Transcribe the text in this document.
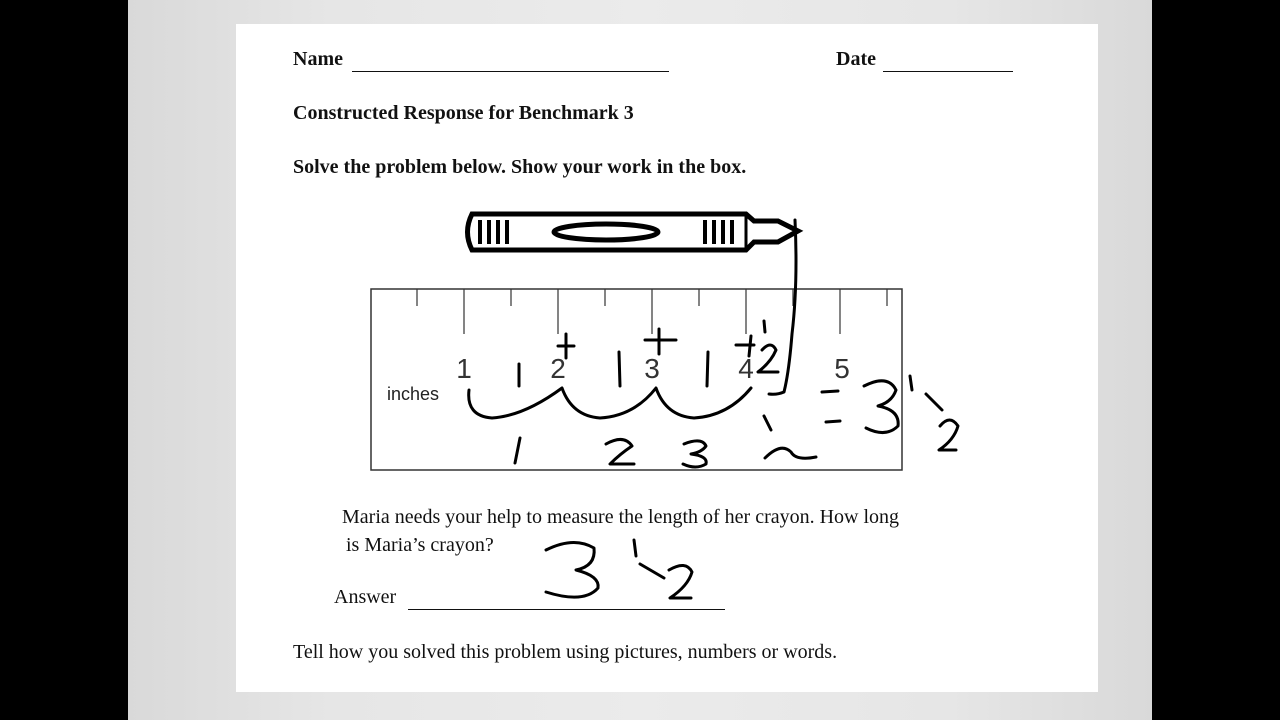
Name	Date
Constructed Response for Benchmark 3
Solve the problem below. Show your work in the box.
Maria needs your help to measure the length of her crayon. How long
is Maria’s crayon?
Answer
Tell how you solved this problem using pictures, numbers or words.
inches
1	2	3	4	5
